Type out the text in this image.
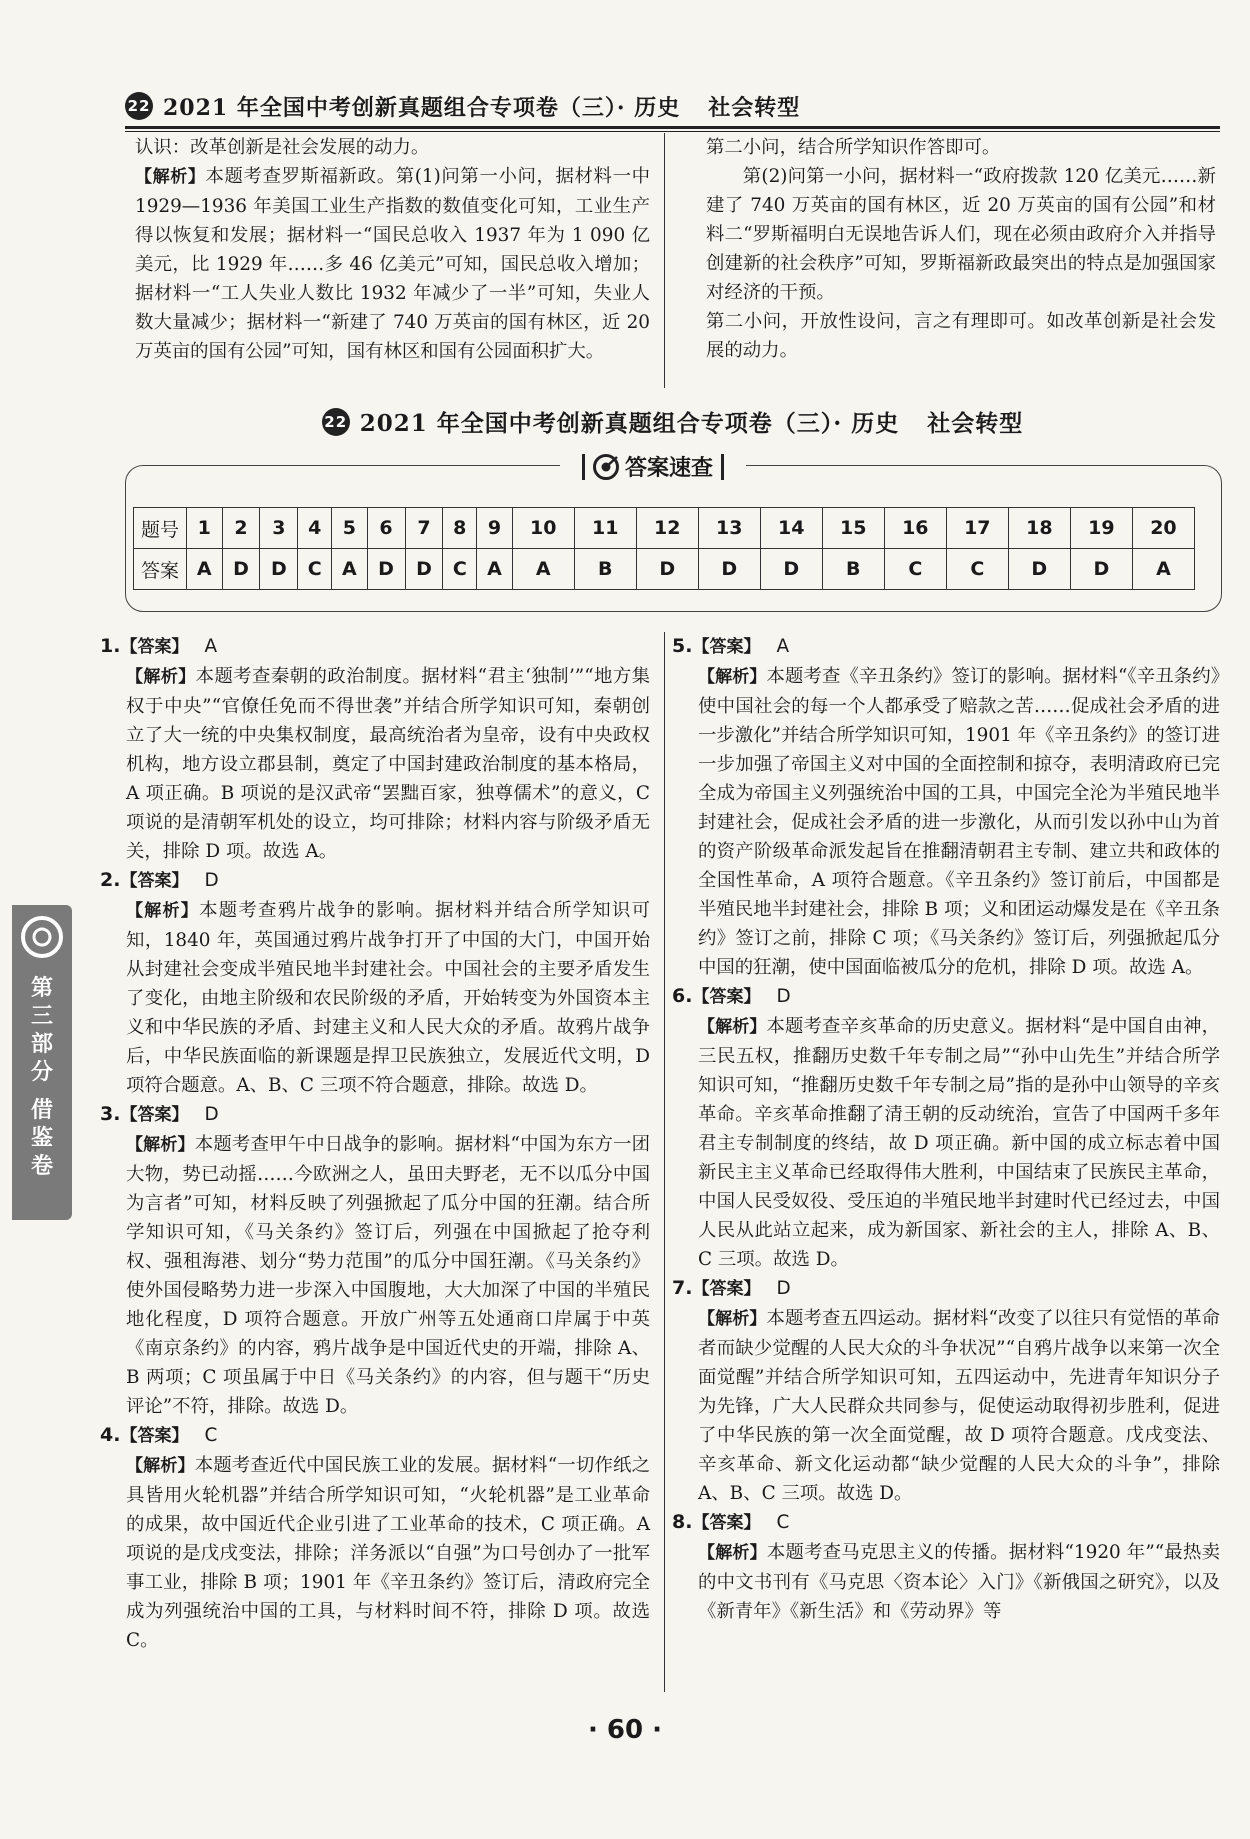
22 2021 年全国中考创新真题组合专项卷（三）· 历史 社会转型

认识：改革创新是社会发展的动力。

【解析】本题考查罗斯福新政。第(1)问第一小问，据材料一中 1929—1936 年美国工业生产指数的数值变化可知，工业生产得以恢复和发展；据材料一“国民总收入 1937 年为 1 090 亿美元，比 1929 年……多 46 亿美元”可知，国民总收入增加；据材料一“工人失业人数比 1932 年减少了一半”可知，失业人数大量减少；据材料一“新建了 740 万英亩的国有林区，近 20 万英亩的国有公园”可知，国有林区和国有公园面积扩大。

第二小问，结合所学知识作答即可。

第(2)问第一小问，据材料一“政府拨款 120 亿美元……新建了 740 万英亩的国有林区，近 20 万英亩的国有公园”和材料二“罗斯福明白无误地告诉人们，现在必须由政府介入并指导创建新的社会秩序”可知，罗斯福新政最突出的特点是加强国家对经济的干预。

第二小问，开放性设问，言之有理即可。如改革创新是社会发展的动力。

22 2021 年全国中考创新真题组合专项卷（三）· 历史 社会转型
答案速查
题号	1	2	3	4	5	6	7	8	9	10	11	12	13	14	15	16	17	18	19	20
答案	A	D	D	C	A	D	D	C	A	A	B	D	D	D	B	C	C	D	D	A

1.【答案】 A

【解析】本题考查秦朝的政治制度。据材料“君主‘独制’”“地方集权于中央”“官僚任免而不得世袭”并结合所学知识可知，秦朝创立了大一统的中央集权制度，最高统治者为皇帝，设有中央政权机构，地方设立郡县制，奠定了中国封建政治制度的基本格局，A 项正确。B 项说的是汉武帝“罢黜百家，独尊儒术”的意义，C 项说的是清朝军机处的设立，均可排除；材料内容与阶级矛盾无关，排除 D 项。故选 A。

2.【答案】 D

【解析】本题考查鸦片战争的影响。据材料并结合所学知识可知，1840 年，英国通过鸦片战争打开了中国的大门，中国开始从封建社会变成半殖民地半封建社会。中国社会的主要矛盾发生了变化，由地主阶级和农民阶级的矛盾，开始转变为外国资本主义和中华民族的矛盾、封建主义和人民大众的矛盾。故鸦片战争后，中华民族面临的新课题是捍卫民族独立，发展近代文明，D 项符合题意。A、B、C 三项不符合题意，排除。故选 D。

3.【答案】 D

【解析】本题考查甲午中日战争的影响。据材料“中国为东方一团大物，势已动摇……今欧洲之人，虽田夫野老，无不以瓜分中国为言者”可知，材料反映了列强掀起了瓜分中国的狂潮。结合所学知识可知，《马关条约》签订后，列强在中国掀起了抢夺利权、强租海港、划分“势力范围”的瓜分中国狂潮。《马关条约》使外国侵略势力进一步深入中国腹地，大大加深了中国的半殖民地化程度，D 项符合题意。开放广州等五处通商口岸属于中英《南京条约》的内容，鸦片战争是中国近代史的开端，排除 A、B 两项；C 项虽属于中日《马关条约》的内容，但与题干“历史评论”不符，排除。故选 D。

4.【答案】 C

【解析】本题考查近代中国民族工业的发展。据材料“一切作纸之具皆用火轮机器”并结合所学知识可知，“火轮机器”是工业革命的成果，故中国近代企业引进了工业革命的技术，C 项正确。A 项说的是戊戌变法，排除；洋务派以“自强”为口号创办了一批军事工业，排除 B 项；1901 年《辛丑条约》签订后，清政府完全成为列强统治中国的工具，与材料时间不符，排除 D 项。故选 C。

5.【答案】 A

【解析】本题考查《辛丑条约》签订的影响。据材料“《辛丑条约》使中国社会的每一个人都承受了赔款之苦……促成社会矛盾的进一步激化”并结合所学知识可知，1901 年《辛丑条约》的签订进一步加强了帝国主义对中国的全面控制和掠夺，表明清政府已完全成为帝国主义列强统治中国的工具，中国完全沦为半殖民地半封建社会，促成社会矛盾的进一步激化，从而引发以孙中山为首的资产阶级革命派发起旨在推翻清朝君主专制、建立共和政体的全国性革命，A 项符合题意。《辛丑条约》签订前后，中国都是半殖民地半封建社会，排除 B 项；义和团运动爆发是在《辛丑条约》签订之前，排除 C 项；《马关条约》签订后，列强掀起瓜分中国的狂潮，使中国面临被瓜分的危机，排除 D 项。故选 A。

6.【答案】 D

【解析】本题考查辛亥革命的历史意义。据材料“是中国自由神，三民五权，推翻历史数千年专制之局”“孙中山先生”并结合所学知识可知，“推翻历史数千年专制之局”指的是孙中山领导的辛亥革命。辛亥革命推翻了清王朝的反动统治，宣告了中国两千多年君主专制制度的终结，故 D 项正确。新中国的成立标志着中国新民主主义革命已经取得伟大胜利，中国结束了民族民主革命，中国人民受奴役、受压迫的半殖民地半封建时代已经过去，中国人民从此站立起来，成为新国家、新社会的主人，排除 A、B、C 三项。故选 D。

7.【答案】 D

【解析】本题考查五四运动。据材料“改变了以往只有觉悟的革命者而缺少觉醒的人民大众的斗争状况”“自鸦片战争以来第一次全面觉醒”并结合所学知识可知，五四运动中，先进青年知识分子为先锋，广大人民群众共同参与，促使运动取得初步胜利，促进了中华民族的第一次全面觉醒，故 D 项符合题意。戊戌变法、辛亥革命、新文化运动都“缺少觉醒的人民大众的斗争”，排除 A、B、C 三项。故选 D。

8.【答案】 C

【解析】本题考查马克思主义的传播。据材料“1920 年”“最热卖的中文书刊有《马克思〈资本论〉入门》《新俄国之研究》，以及《新青年》《新生活》和《劳动界》等

第
三
部
分
借
鉴
卷
· 60 ·
